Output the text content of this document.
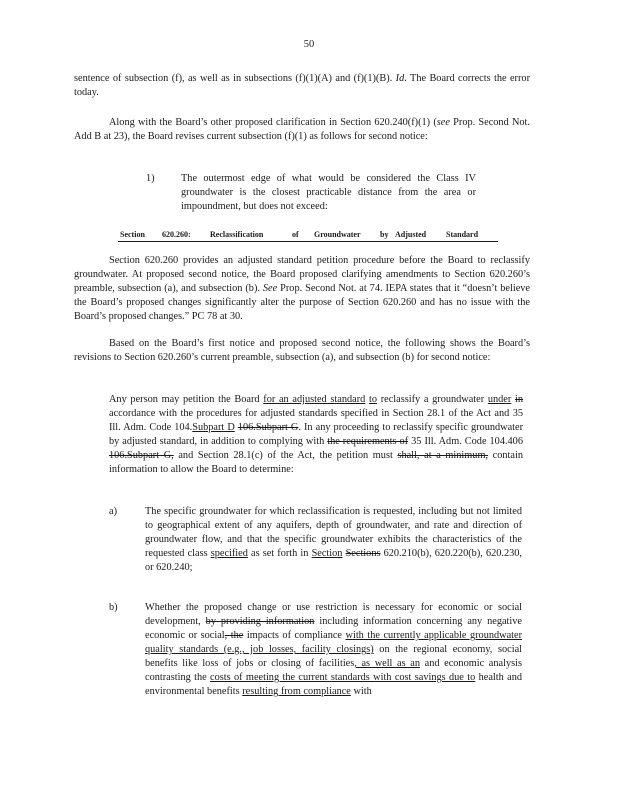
50
sentence of subsection (f), as well as in subsections (f)(1)(A) and (f)(1)(B). Id. The Board corrects the error today.
Along with the Board’s other proposed clarification in Section 620.240(f)(1) (see Prop. Second Not. Add B at 23), the Board revises current subsection (f)(1) as follows for second notice:
1)	The outermost edge of what would be considered the Class IV groundwater is the closest practicable distance from the area or impoundment, but does not exceed:
Section 620.260: Reclassification	of Groundwater by Adjusted Standard
Section 620.260 provides an adjusted standard petition procedure before the Board to reclassify groundwater. At proposed second notice, the Board proposed clarifying amendments to Section 620.260’s preamble, subsection (a), and subsection (b). See Prop. Second Not. at 74. IEPA states that it “doesn’t believe the Board’s proposed changes significantly alter the purpose of Section 620.260 and has no issue with the Board’s proposed changes.” PC 78 at 30.
Based on the Board’s first notice and proposed second notice, the following shows the Board’s revisions to Section 620.260’s current preamble, subsection (a), and subsection (b) for second notice:
Any person may petition the Board for an adjusted standard to reclassify a groundwater under in accordance with the procedures for adjusted standards specified in Section 28.1 of the Act and 35 Ill. Adm. Code 104.Subpart D 106.Subpart G. In any proceeding to reclassify specific groundwater by adjusted standard, in addition to complying with the requirements of 35 Ill. Adm. Code 104.406 106.Subpart G, and Section 28.1(c) of the Act, the petition must shall, at a minimum, contain information to allow the Board to determine:
a)	The specific groundwater for which reclassification is requested, including but not limited to geographical extent of any aquifers, depth of groundwater, and rate and direction of groundwater flow, and that the specific groundwater exhibits the characteristics of the requested class specified as set forth in Section Sections 620.210(b), 620.220(b), 620.230, or 620.240;
b)	Whether the proposed change or use restriction is necessary for economic or social development, by providing information including information concerning any negative economic or social, the impacts of compliance with the currently applicable groundwater quality standards (e.g., job losses, facility closings) on the regional economy, social benefits like loss of jobs or closing of facilities, as well as an and economic analysis contrasting the costs of meeting the current standards with cost savings due to health and environmental benefits resulting from compliance with
